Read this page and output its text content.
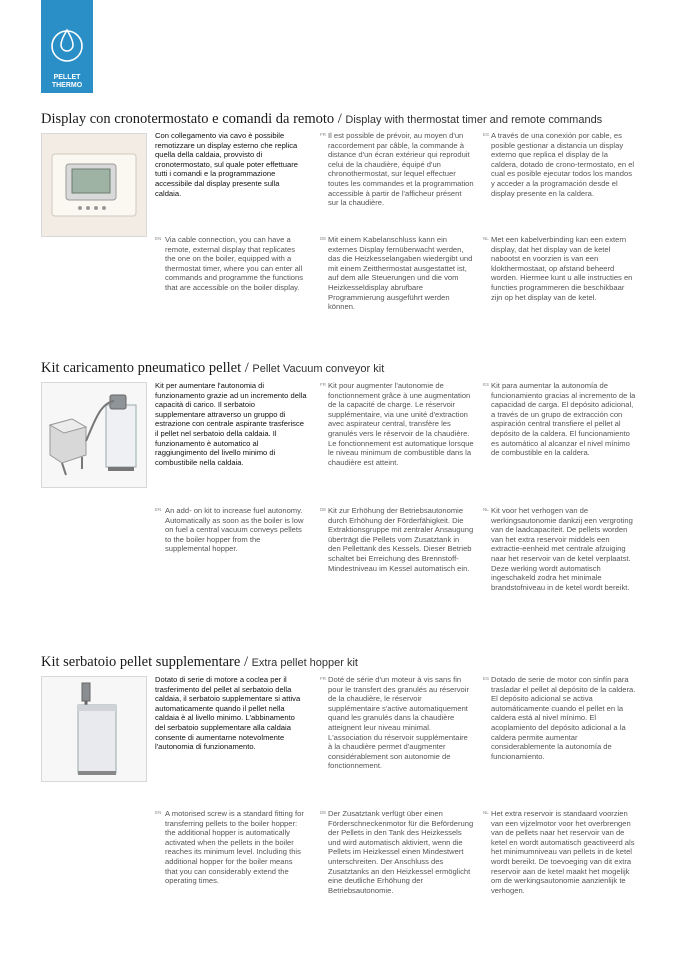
PELLET
THERMO
Display con cronotermostato e comandi da remoto / Display with thermostat timer and remote commands

Con collegamento via cavo è possibile remotizzare un display esterno che replica quella della caldaia, provvisto di cronotermostato, sul quale poter effettuare tutti i comandi e la programmazione accessibile dal display presente sulla caldaia.

FR Il est possible de prévoir, au moyen d'un raccordement par câble, la commande à distance d'un écran extérieur qui reproduit celui de la chaudière, équipé d'un chronothermostat, sur lequel effectuer toutes les commandes et la programmation accessible à partir de l'afficheur présent sur la chaudière.

ES A través de una conexión por cable, es posible gestionar a distancia un display externo que replica el display de la caldera, dotado de crono-termostato, en el cual es posible ejecutar todos los mandos y acceder a la programación desde el display presente en la caldera.

EN Via cable connection, you can have a remote, external display that replicates the one on the boiler, equipped with a thermostat timer, where you can enter all commands and programme the functions that are accessible on the boiler display.

DE Mit einem Kabelanschluss kann ein externes Display fernüberwacht werden, das die Heizkesselangaben wiedergibt und mit einem Zeitthermostat ausgestattet ist, auf dem alle Steuerungen und die vom Heizkesseldisplay abrufbare Programmierung ausgeführt werden können.

NL Met een kabelverbinding kan een extern display, dat het display van de ketel nabootst en voorzien is van een klokthermostaat, op afstand beheerd worden. Hiermee kunt u alle instructies en functies programmeren die beschikbaar zijn op het display van de ketel.

Kit caricamento pneumatico pellet / Pellet Vacuum conveyor kit

Kit per aumentare l'autonomia di funzionamento grazie ad un incremento della capacità di carico. Il serbatoio supplementare attraverso un gruppo di estrazione con centrale aspirante trasferisce il pellet nel serbatoio della caldaia. Il funzionamento è automatico al raggiungimento del livello minimo di combustibile nella caldaia.

FR Kit pour augmenter l'autonomie de fonctionnement grâce à une augmentation de la capacité de charge. Le réservoir supplémentaire, via une unité d'extraction avec aspirateur central, transfère les granulés vers le réservoir de la chaudière. Le fonctionnement est automatique lorsque le niveau minimum de combustible dans la chaudière est atteint.

ES Kit para aumentar la autonomía de funcionamiento gracias al incremento de la capacidad de carga. El depósito adicional, a través de un grupo de extracción con aspiración central transfiere el pellet al depósito de la caldera. El funcionamiento es automático al alcanzar el nivel mínimo de combustible en la caldera.

EN An add- on kit to increase fuel autonomy. Automatically as soon as the boiler is low on fuel a central vacuum conveys pellets to the boiler hopper from the supplemental hopper.

DE Kit zur Erhöhung der Betriebsautonomie durch Erhöhung der Förderfähigkeit. Die Extraktionsgruppe mit zentraler Ansaugung überträgt die Pellets vom Zusatztank in den Pellettank des Kessels. Dieser Betrieb schaltet bei Erreichung des Brennstoff-Mindestniveau im Kessel automatisch ein.

NL Kit voor het verhogen van de werkingsautonomie dankzij een vergroting van de laadcapaciteit. De pellets worden van het extra reservoir middels een extractie-eenheid met centrale afzuiging naar het reservoir van de ketel verplaatst. Deze werking wordt automatisch ingeschakeld zodra het minimale brandstofniveau in de ketel wordt bereikt.

Kit serbatoio pellet supplementare / Extra pellet hopper kit

Dotato di serie di motore a coclea per il trasferimento del pellet al serbatoio della caldaia, il serbatoio supplementare si attiva automaticamente quando il pellet nella caldaia è al livello minimo. L'abbinamento del serbatoio supplementare alla caldaia consente di aumentarne notevolmente l'autonomia di funzionamento.

FR Doté de série d'un moteur à vis sans fin pour le transfert des granulés au réservoir de la chaudière, le réservoir supplémentaire s'active automatiquement quand les granulés dans la chaudière atteignent leur niveau minimal. L'association du réservoir supplémentaire à la chaudière permet d'augmenter considérablement son autonomie de fonctionnement.

ES Dotado de serie de motor con sinfín para trasladar el pellet al depósito de la caldera. El depósito adicional se activa automáticamente cuando el pellet en la caldera está al nivel mínimo. El acoplamiento del depósito adicional a la caldera permite aumentar considerablemente la autonomía de funcionamiento.

EN A motorised screw is a standard fitting for transferring pellets to the boiler hopper: the additional hopper is automatically activated when the pellets in the boiler reaches its minimum level. Including this additional hopper for the boiler means that you can considerably extend the operating times.

DE Der Zusatztank verfügt über einen Förderschneckenmotor für die Beförderung der Pellets in den Tank des Heizkessels und wird automatisch aktiviert, wenn die Pellets im Heizkessel einen Mindestwert unterschreiten. Der Anschluss des Zusatztanks an den Heizkessel ermöglicht eine deutliche Erhöhung der Betriebsautonomie.

NL Het extra reservoir is standaard voorzien van een vijzelmotor voor het overbrengen van de pellets naar het reservoir van de ketel en wordt automatisch geactiveerd als het minimumniveau van pellets in de ketel wordt bereikt. De toevoeging van dit extra reservoir aan de ketel maakt het mogelijk om de werkingsautonomie aanzienlijk te verhogen.
